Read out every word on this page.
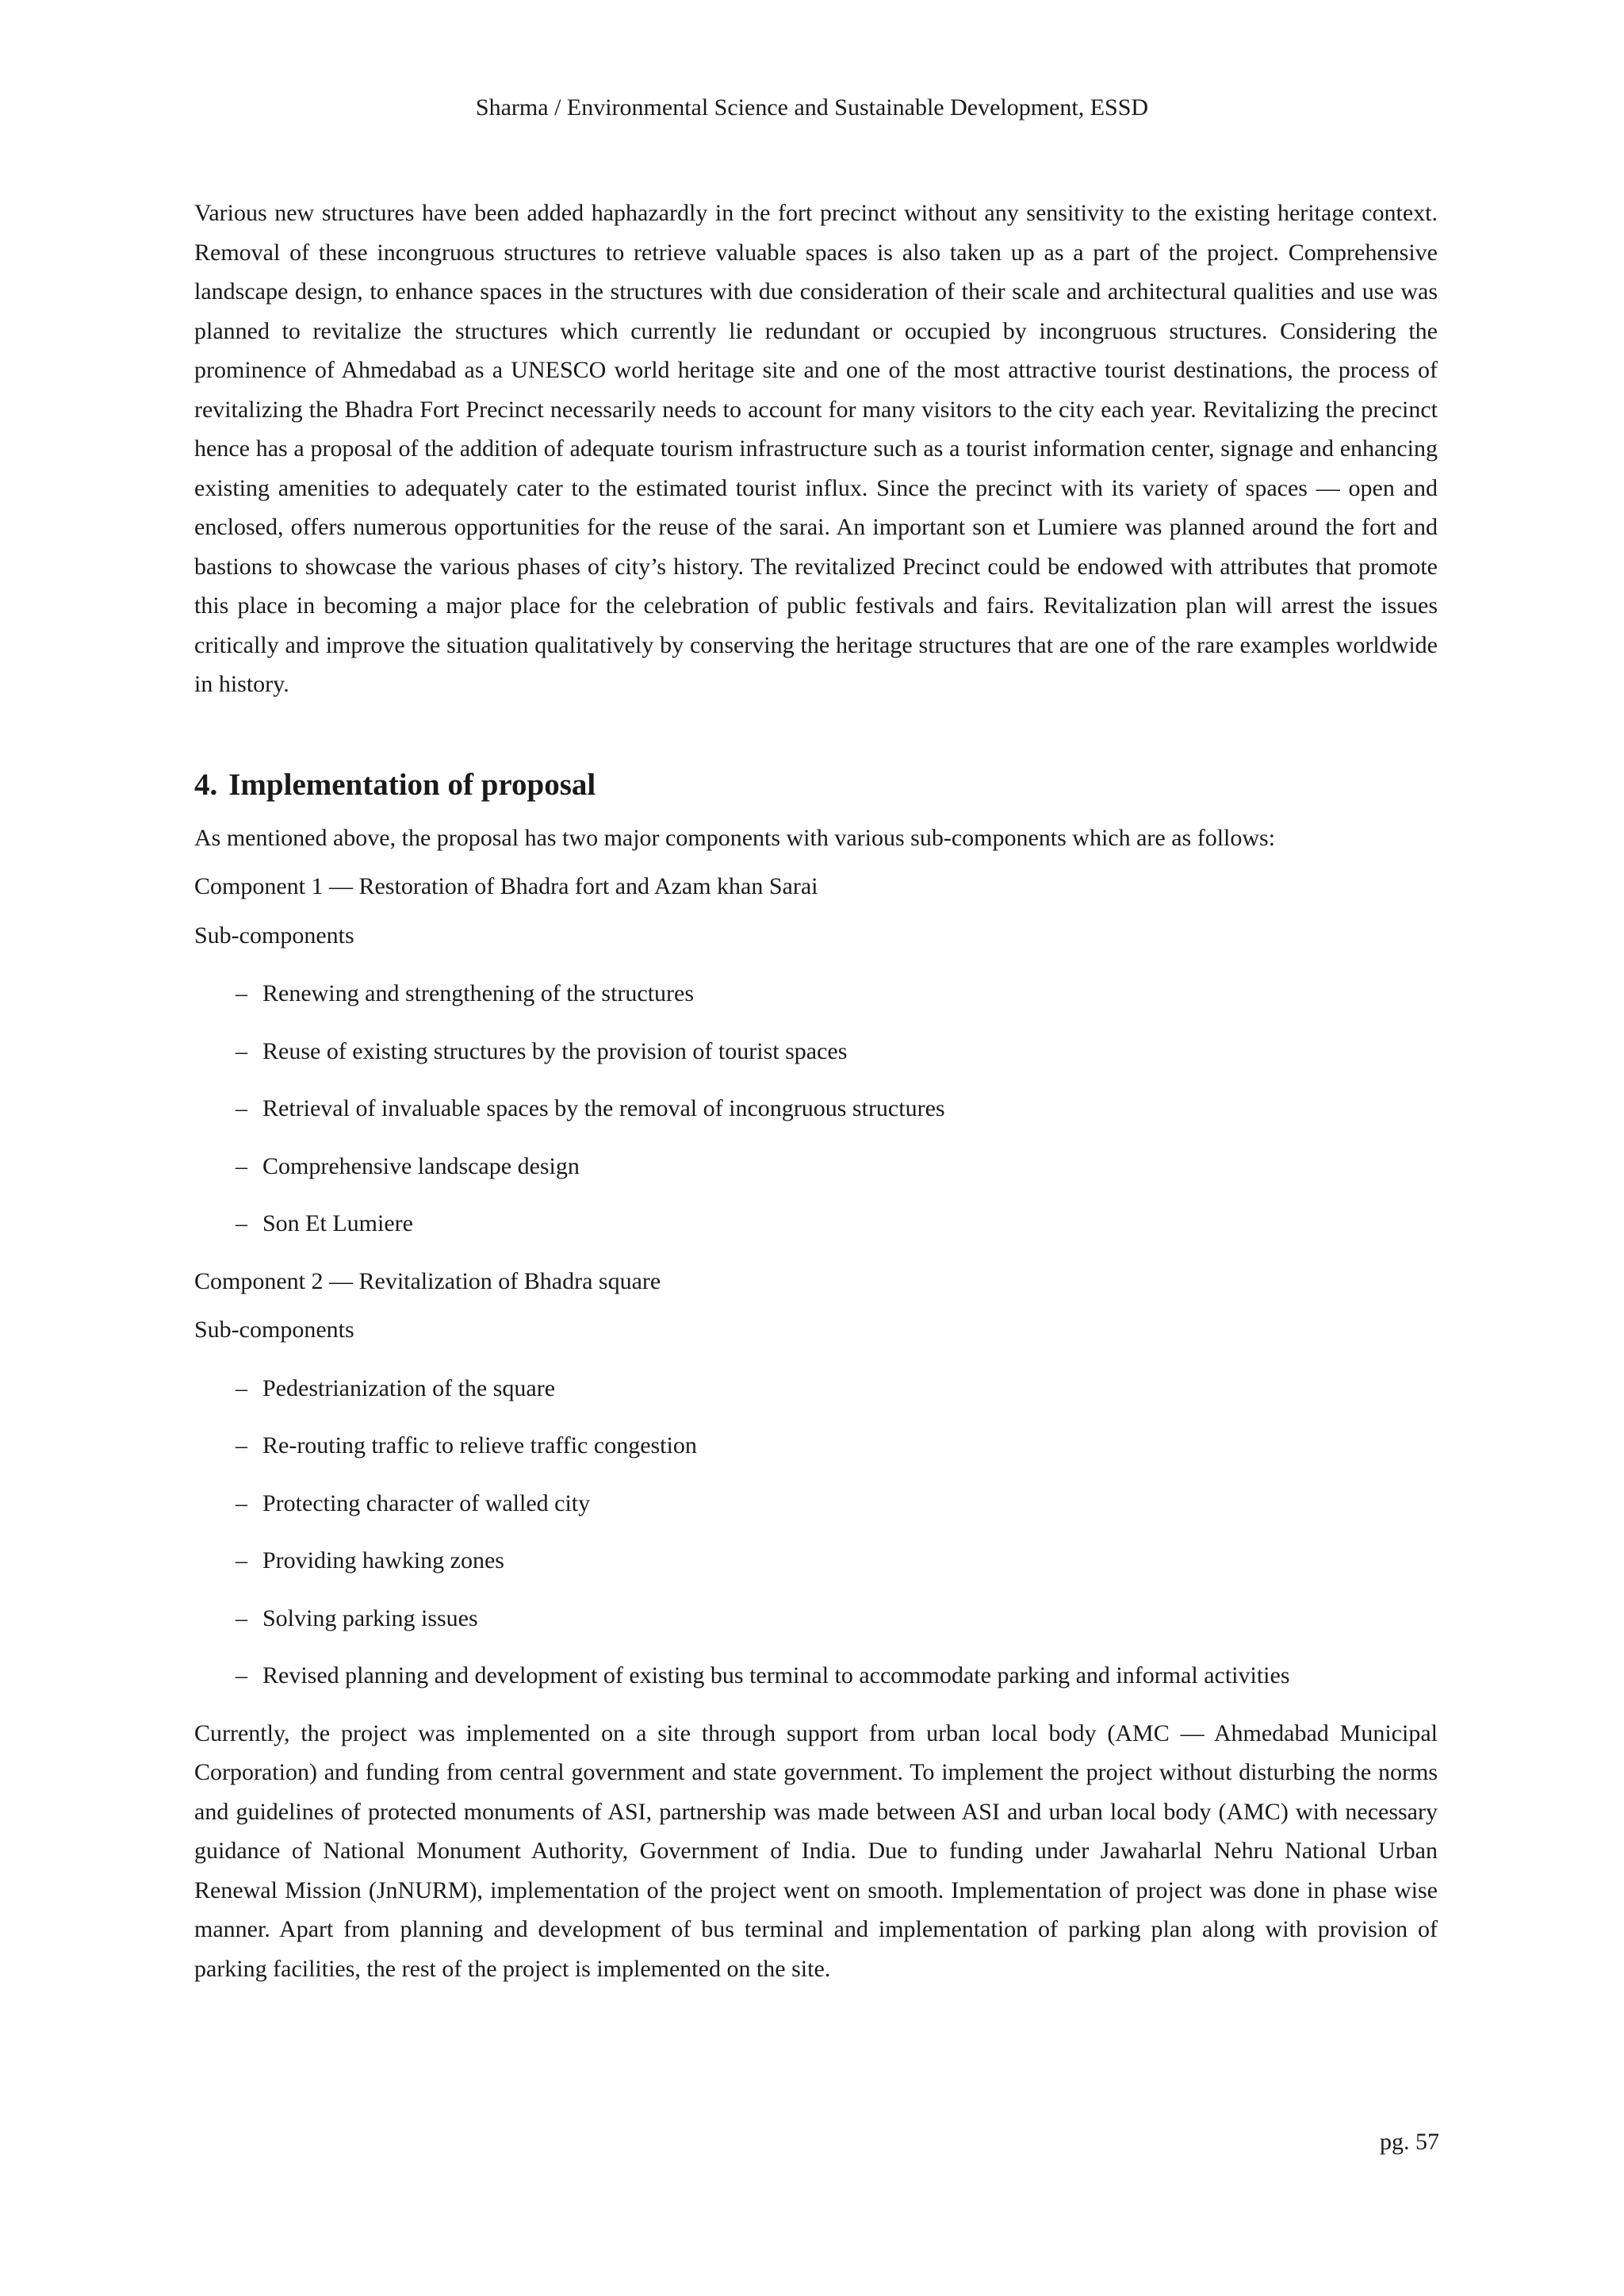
Sharma / Environmental Science and Sustainable Development, ESSD

Various new structures have been added haphazardly in the fort precinct without any sensitivity to the existing heritage context. Removal of these incongruous structures to retrieve valuable spaces is also taken up as a part of the project. Comprehensive landscape design, to enhance spaces in the structures with due consideration of their scale and architectural qualities and use was planned to revitalize the structures which currently lie redundant or occupied by incongruous structures. Considering the prominence of Ahmedabad as a UNESCO world heritage site and one of the most attractive tourist destinations, the process of revitalizing the Bhadra Fort Precinct necessarily needs to account for many visitors to the city each year. Revitalizing the precinct hence has a proposal of the addition of adequate tourism infrastructure such as a tourist information center, signage and enhancing existing amenities to adequately cater to the estimated tourist influx. Since the precinct with its variety of spaces — open and enclosed, offers numerous opportunities for the reuse of the sarai. An important son et Lumiere was planned around the fort and bastions to showcase the various phases of city’s history. The revitalized Precinct could be endowed with attributes that promote this place in becoming a major place for the celebration of public festivals and fairs. Revitalization plan will arrest the issues critically and improve the situation qualitatively by conserving the heritage structures that are one of the rare examples worldwide in history.

4. Implementation of proposal

As mentioned above, the proposal has two major components with various sub-components which are as follows:

Component 1 — Restoration of Bhadra fort and Azam khan Sarai

Sub-components

– Renewing and strengthening of the structures
– Reuse of existing structures by the provision of tourist spaces
– Retrieval of invaluable spaces by the removal of incongruous structures
– Comprehensive landscape design
– Son Et Lumiere

Component 2 — Revitalization of Bhadra square

Sub-components

– Pedestrianization of the square
– Re-routing traffic to relieve traffic congestion
– Protecting character of walled city
– Providing hawking zones
– Solving parking issues
– Revised planning and development of existing bus terminal to accommodate parking and informal activities

Currently, the project was implemented on a site through support from urban local body (AMC — Ahmedabad Municipal Corporation) and funding from central government and state government. To implement the project without disturbing the norms and guidelines of protected monuments of ASI, partnership was made between ASI and urban local body (AMC) with necessary guidance of National Monument Authority, Government of India. Due to funding under Jawaharlal Nehru National Urban Renewal Mission (JnNURM), implementation of the project went on smooth. Implementation of project was done in phase wise manner. Apart from planning and development of bus terminal and implementation of parking plan along with provision of parking facilities, the rest of the project is implemented on the site.

pg. 57
